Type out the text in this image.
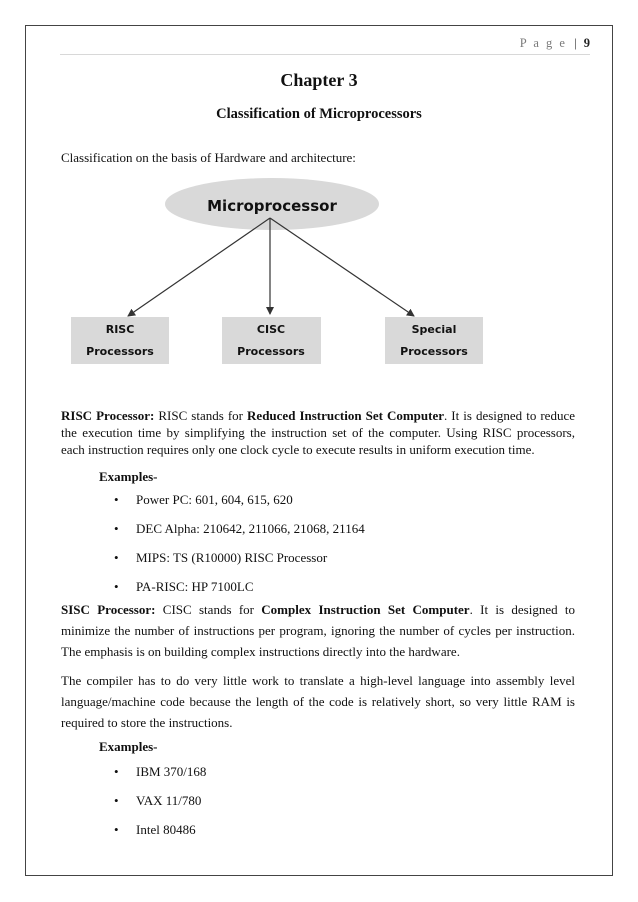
P a g e | 9
Chapter 3
Classification of Microprocessors
Classification on the basis of Hardware and architecture:
Microprocessor
RISC
Processors
CISC
Processors
Special
Processors
RISC Processor: RISC stands for Reduced Instruction Set Computer. It is designed to reduce the execution time by simplifying the instruction set of the computer. Using RISC processors, each instruction requires only one clock cycle to execute results in uniform execution time.
Examples-
• Power PC: 601, 604, 615, 620
• DEC Alpha: 210642, 211066, 21068, 21164
• MIPS: TS (R10000) RISC Processor
• PA-RISC: HP 7100LC
SISC Processor: CISC stands for Complex Instruction Set Computer. It is designed to minimize the number of instructions per program, ignoring the number of cycles per instruction. The emphasis is on building complex instructions directly into the hardware.
The compiler has to do very little work to translate a high-level language into assembly level language/machine code because the length of the code is relatively short, so very little RAM is required to store the instructions.
Examples-
• IBM 370/168
• VAX 11/780
• Intel 80486
